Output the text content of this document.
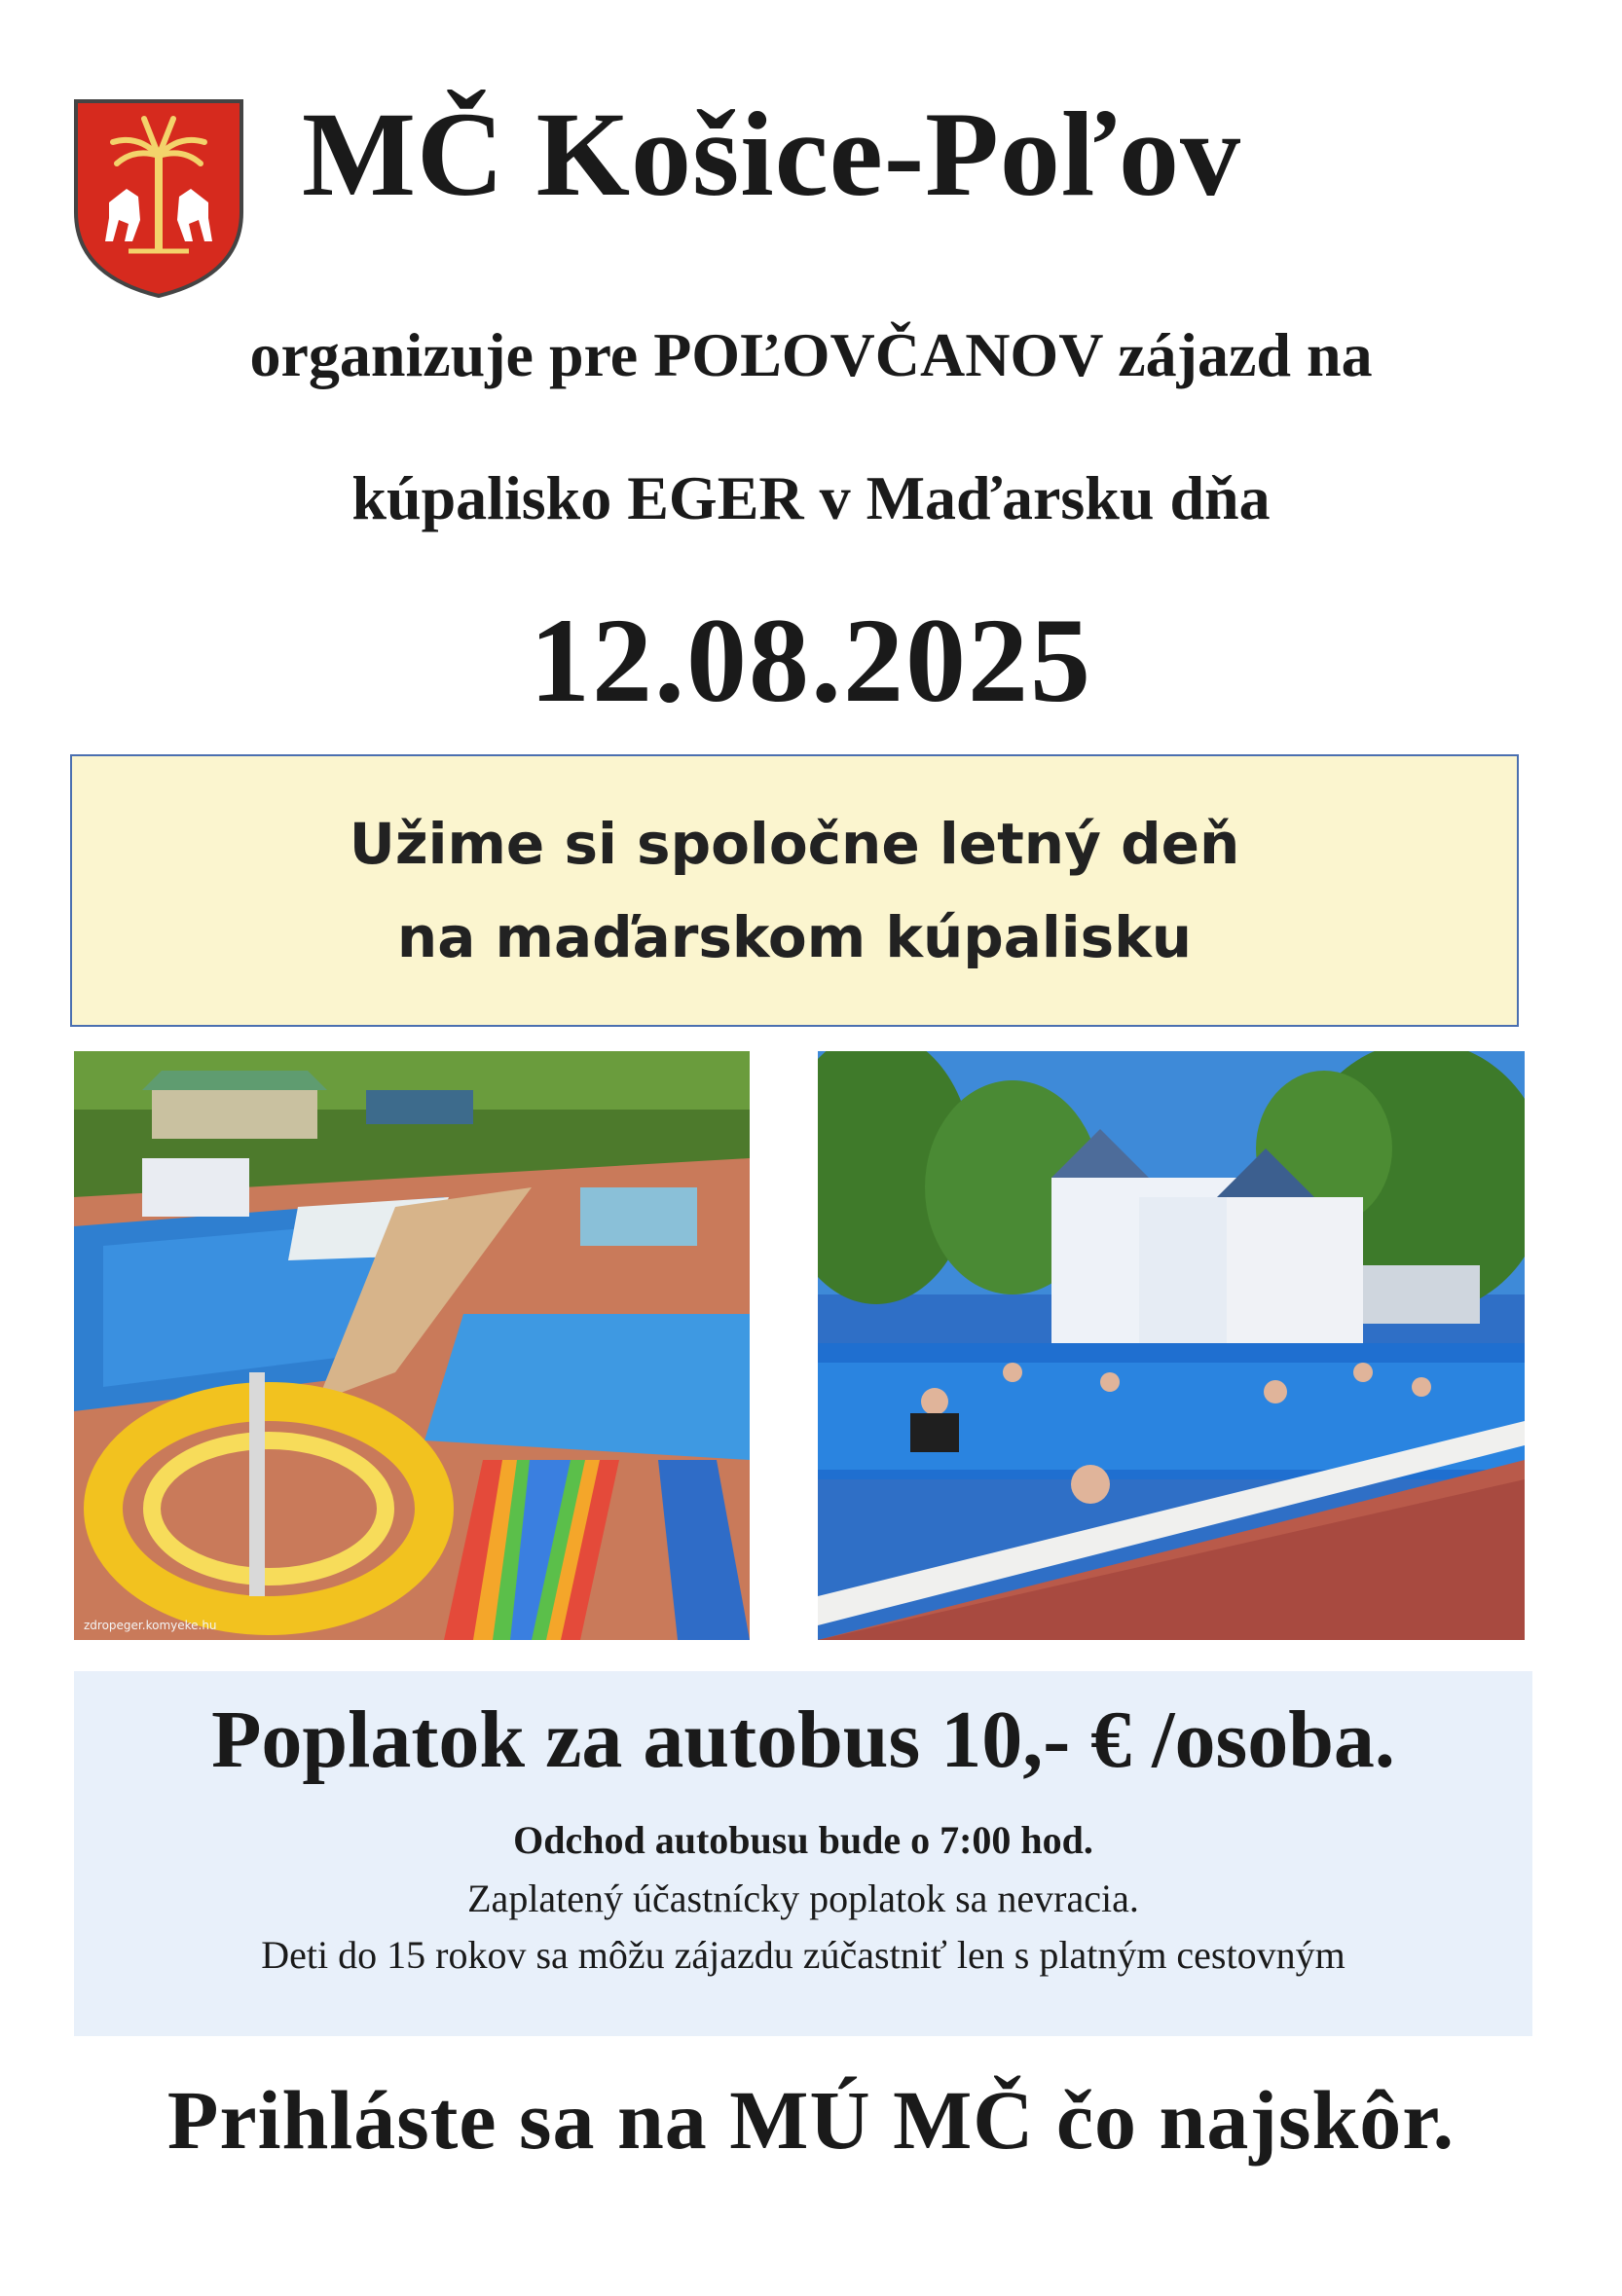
MČ Košice-Poľov
organizuje pre POĽOVČANOV zájazd na
kúpalisko EGER v Maďarsku dňa
12.08.2025
Užime si spoločne letný deň
na maďarskom kúpalisku
zdropeger.komyeke.hu
Poplatok za autobus 10,- € /osoba.
Odchod autobusu bude o 7:00 hod.
Zaplatený účastnícky poplatok sa nevracia.
Deti do 15 rokov sa môžu zájazdu zúčastniť len s platným cestovným
Prihláste sa na MÚ MČ čo najskôr.
